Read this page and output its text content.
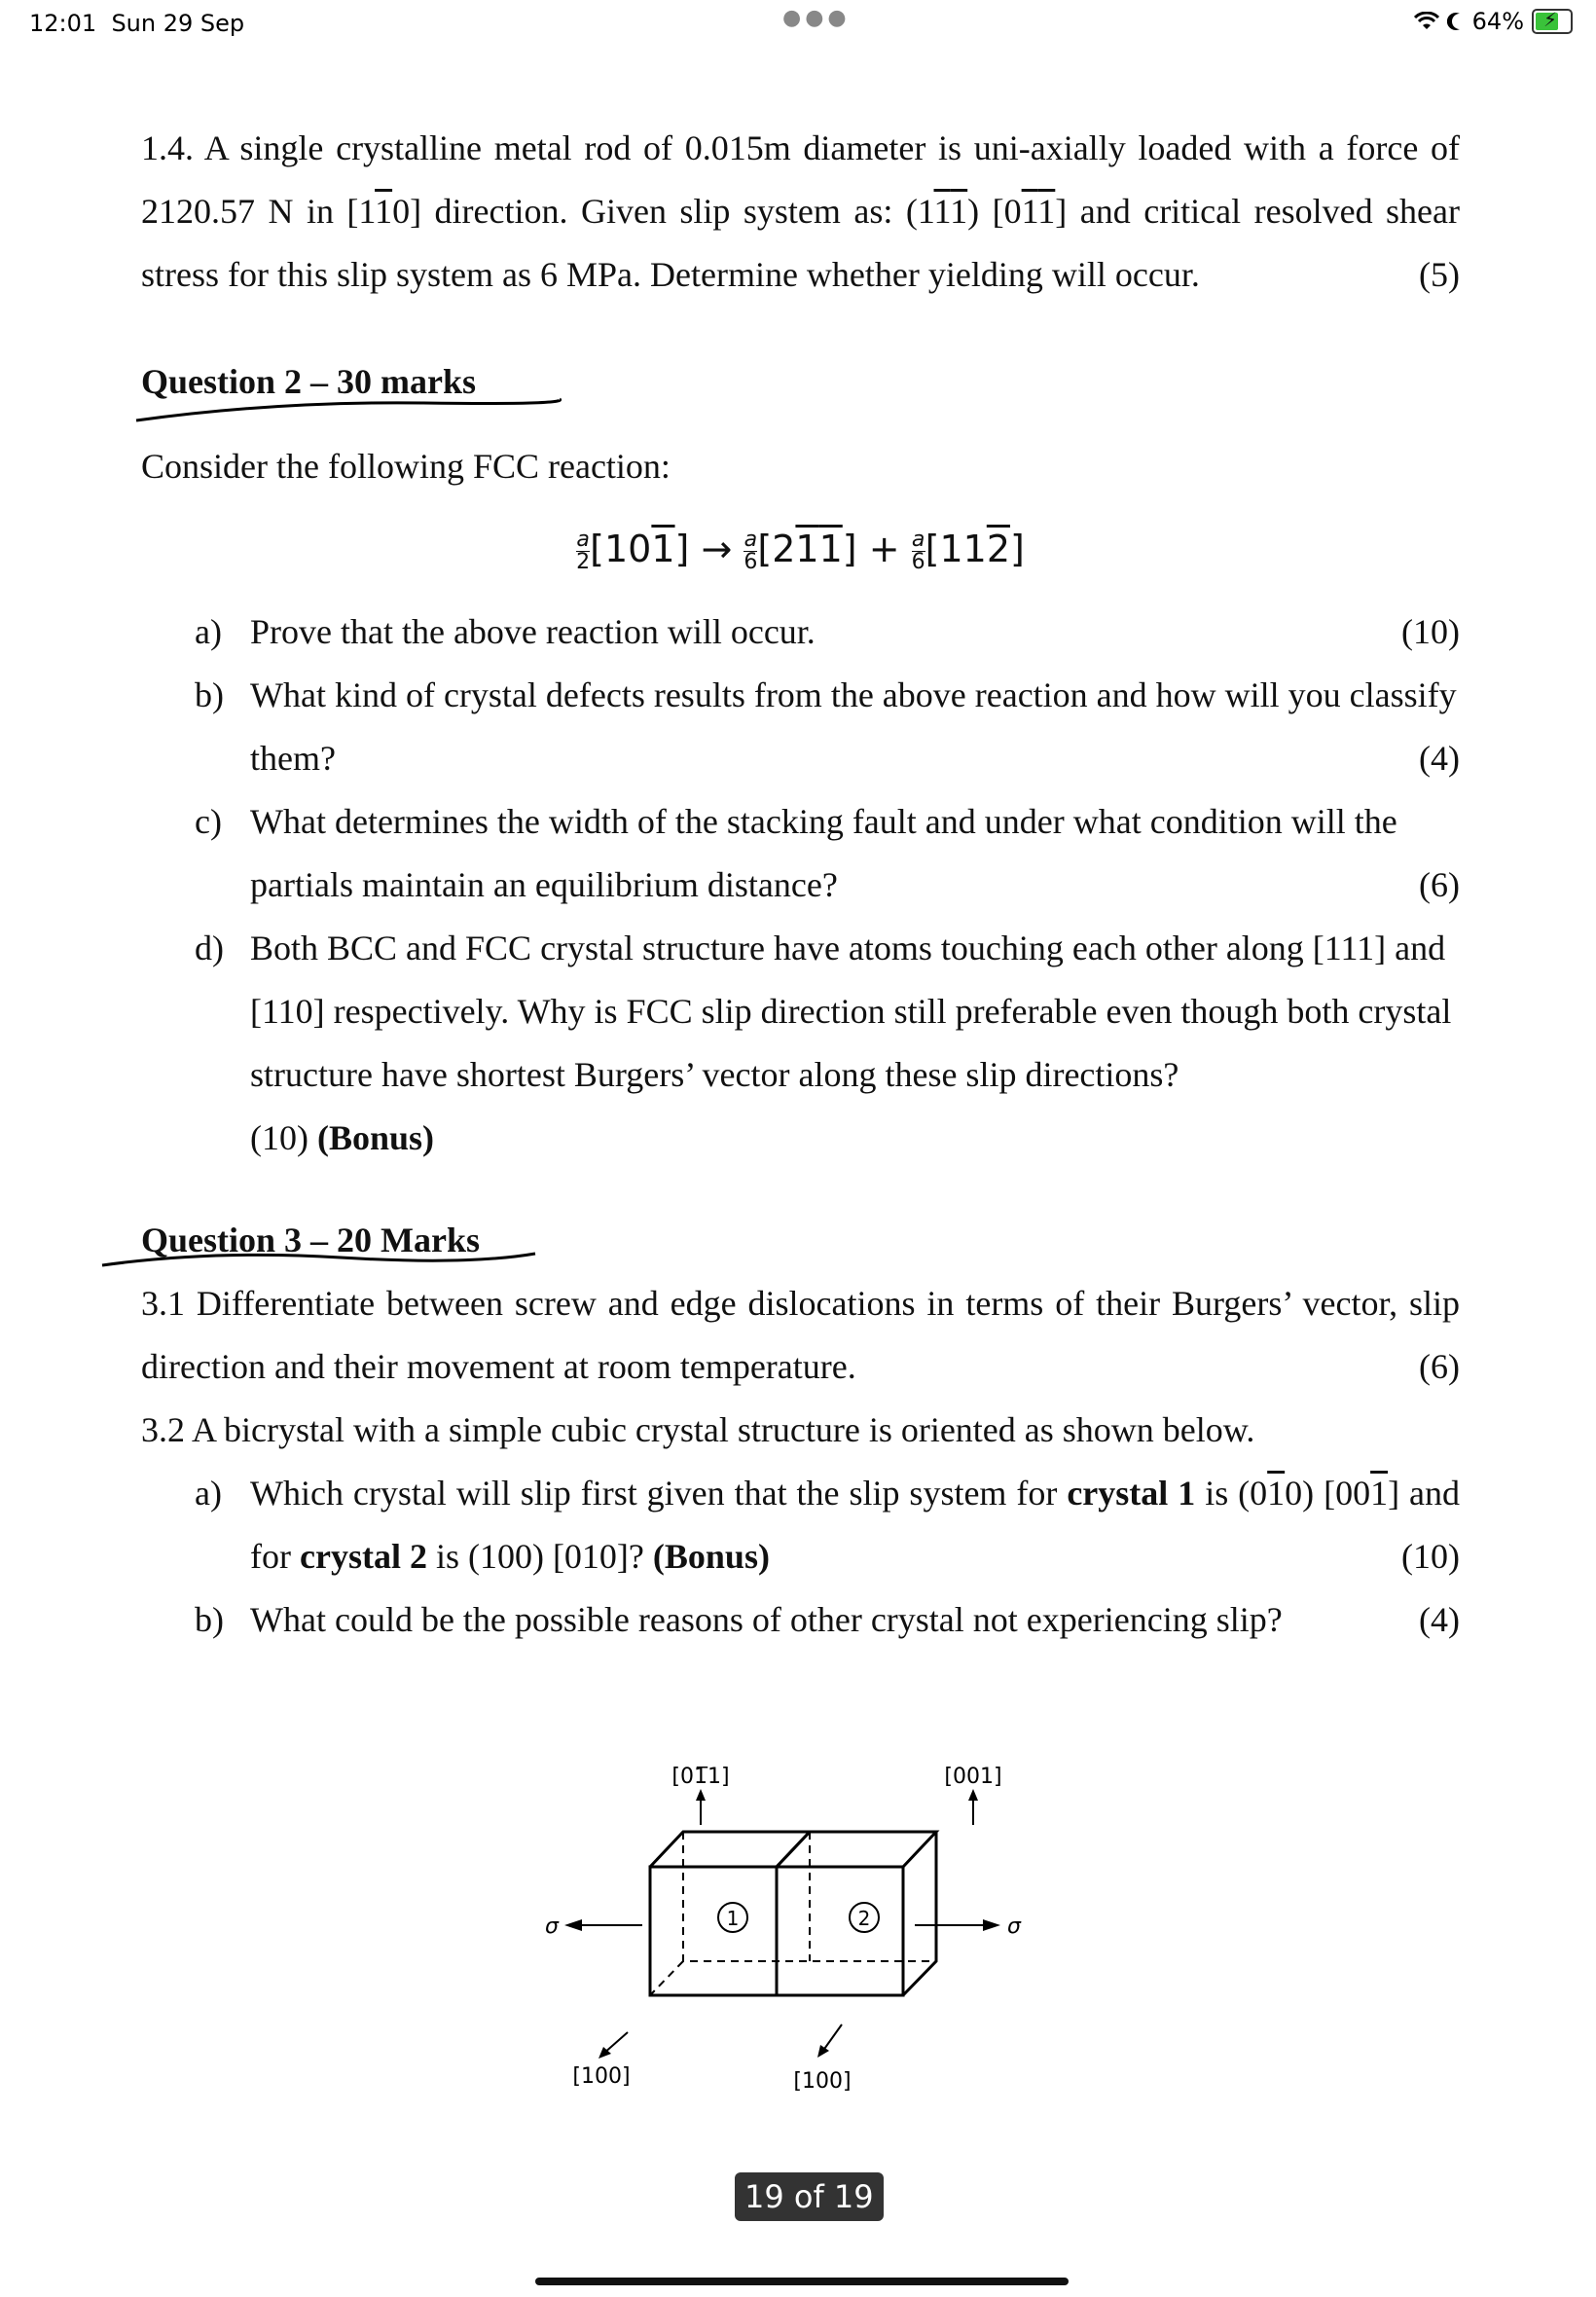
12:01 Sun 29 Sep	●●●	64% ⚡

1.4. A single crystalline metal rod of 0.015m diameter is uni-axially loaded with a force of 2120.57 N in [110] direction. Given slip system as: (111) [011] and critical resolved shear stress for this slip system as 6 MPa. Determine whether yielding will occur.	(5)

Question 2 – 30 marks

Consider the following FCC reaction:

$\frac{a}{2} [101] \to \frac{a}{6} [211] + \frac{a}{6} [112]$
a) Prove that the above reaction will occur.	(10)
b) What kind of crystal defects results from the above reaction and how will you classify them?	(4)
c) What determines the width of the stacking fault and under what condition will the partials maintain an equilibrium distance?	(6)
d) Both BCC and FCC crystal structure have atoms touching each other along [111] and [110] respectively. Why is FCC slip direction still preferable even though both crystal structure have shortest Burgers’ vector along these slip directions?
(10) (Bonus)
Question 3 – 20 Marks

3.1 Differentiate between screw and edge dislocations in terms of their Burgers’ vector, slip direction and their movement at room temperature.	(6)

3.2 A bicrystal with a simple cubic crystal structure is oriented as shown below.

a) Which crystal will slip first given that the slip system for crystal 1 is (010) [001] and for crystal 2 is (100) [010]? (Bonus)	(10)
b) What could be the possible reasons of other crystal not experiencing slip?	(4)
1	2
σ	σ
[01̅1]	[001]
[100]	[100]
19 of 19
